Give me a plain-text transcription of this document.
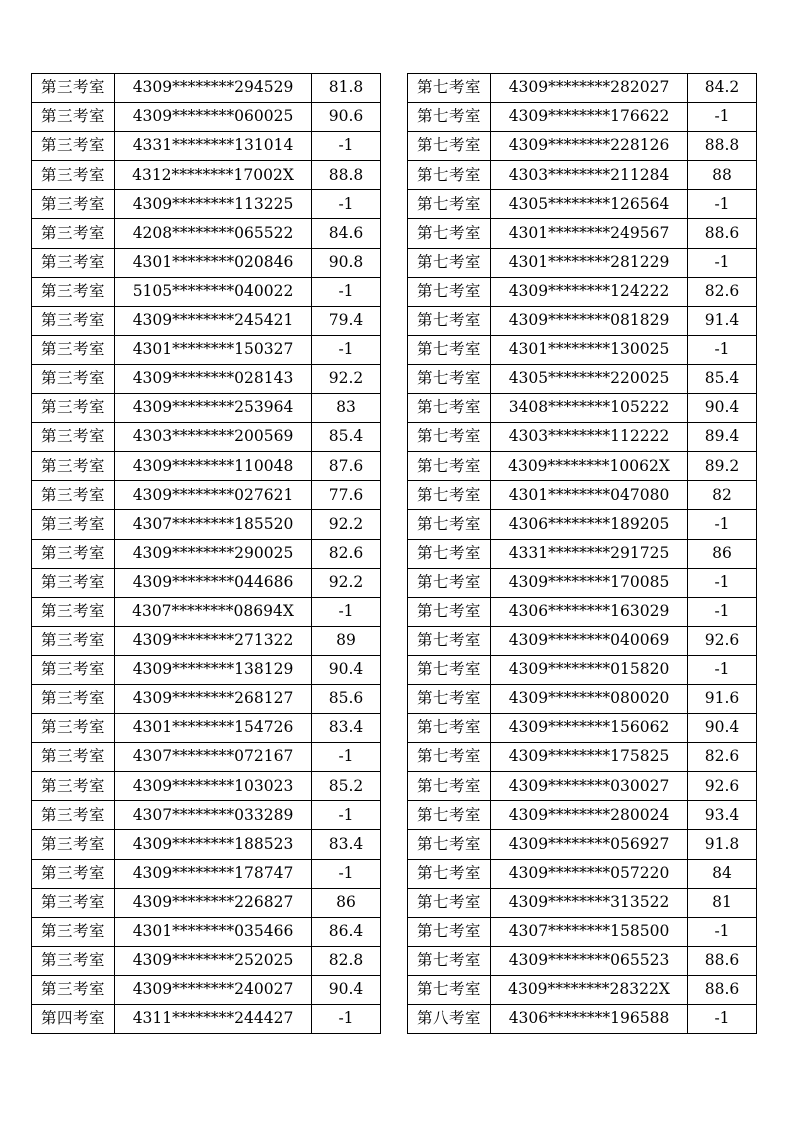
第三考室	4309********294529	81.8
第三考室	4309********060025	90.6
第三考室	4331********131014	-1
第三考室	4312********17002X	88.8
第三考室	4309********113225	-1
第三考室	4208********065522	84.6
第三考室	4301********020846	90.8
第三考室	5105********040022	-1
第三考室	4309********245421	79.4
第三考室	4301********150327	-1
第三考室	4309********028143	92.2
第三考室	4309********253964	83
第三考室	4303********200569	85.4
第三考室	4309********110048	87.6
第三考室	4309********027621	77.6
第三考室	4307********185520	92.2
第三考室	4309********290025	82.6
第三考室	4309********044686	92.2
第三考室	4307********08694X	-1
第三考室	4309********271322	89
第三考室	4309********138129	90.4
第三考室	4309********268127	85.6
第三考室	4301********154726	83.4
第三考室	4307********072167	-1
第三考室	4309********103023	85.2
第三考室	4307********033289	-1
第三考室	4309********188523	83.4
第三考室	4309********178747	-1
第三考室	4309********226827	86
第三考室	4301********035466	86.4
第三考室	4309********252025	82.8
第三考室	4309********240027	90.4
第四考室	4311********244427	-1
第七考室	4309********282027	84.2
第七考室	4309********176622	-1
第七考室	4309********228126	88.8
第七考室	4303********211284	88
第七考室	4305********126564	-1
第七考室	4301********249567	88.6
第七考室	4301********281229	-1
第七考室	4309********124222	82.6
第七考室	4309********081829	91.4
第七考室	4301********130025	-1
第七考室	4305********220025	85.4
第七考室	3408********105222	90.4
第七考室	4303********112222	89.4
第七考室	4309********10062X	89.2
第七考室	4301********047080	82
第七考室	4306********189205	-1
第七考室	4331********291725	86
第七考室	4309********170085	-1
第七考室	4306********163029	-1
第七考室	4309********040069	92.6
第七考室	4309********015820	-1
第七考室	4309********080020	91.6
第七考室	4309********156062	90.4
第七考室	4309********175825	82.6
第七考室	4309********030027	92.6
第七考室	4309********280024	93.4
第七考室	4309********056927	91.8
第七考室	4309********057220	84
第七考室	4309********313522	81
第七考室	4307********158500	-1
第七考室	4309********065523	88.6
第七考室	4309********28322X	88.6
第八考室	4306********196588	-1
